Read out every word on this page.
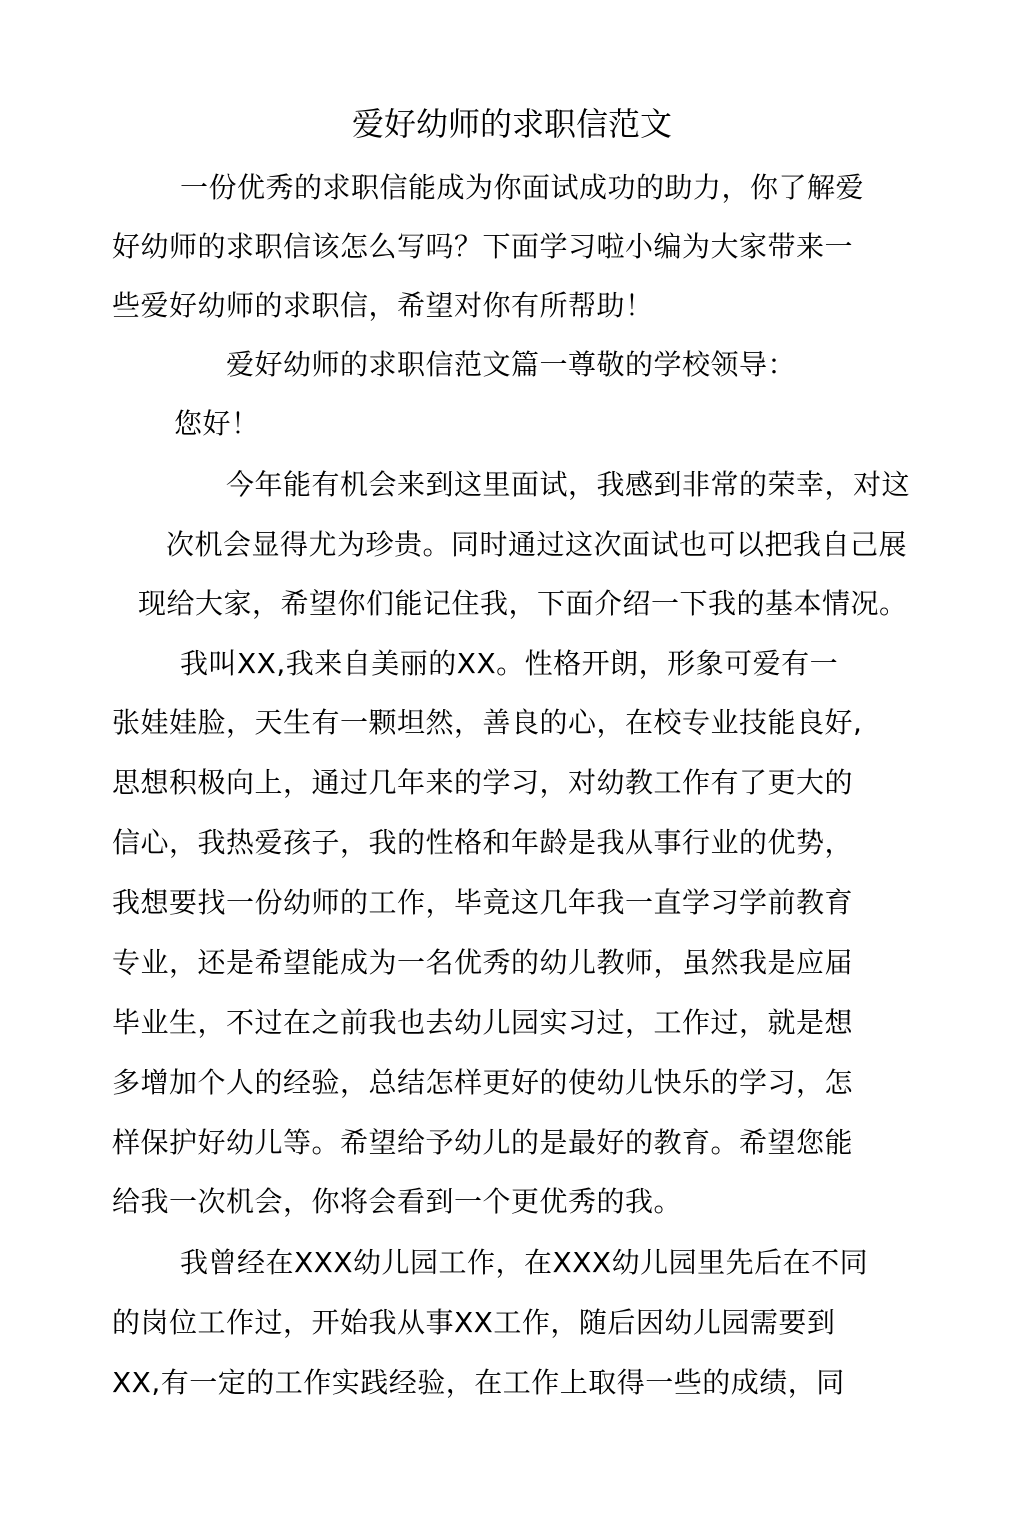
爱好幼师的求职信范文
一份优秀的求职信能成为你面试成功的助力，你了解爱
好幼师的求职信该怎么写吗？下面学习啦小编为大家带来一
些爱好幼师的求职信，希望对你有所帮助！
爱好幼师的求职信范文篇一尊敬的学校领导：
您好！
今年能有机会来到这里面试，我感到非常的荣幸，对这
次机会显得尤为珍贵。同时通过这次面试也可以把我自己展
现给大家，希望你们能记住我，下面介绍一下我的基本情况。
我叫XX,我来自美丽的XX。性格开朗，形象可爱有一
张娃娃脸，天生有一颗坦然，善良的心，在校专业技能良好,
思想积极向上，通过几年来的学习，对幼教工作有了更大的
信心，我热爱孩子，我的性格和年龄是我从事行业的优势，
我想要找一份幼师的工作，毕竟这几年我一直学习学前教育
专业，还是希望能成为一名优秀的幼儿教师，虽然我是应届
毕业生，不过在之前我也去幼儿园实习过，工作过，就是想
多增加个人的经验，总结怎样更好的使幼儿快乐的学习，怎
样保护好幼儿等。希望给予幼儿的是最好的教育。希望您能
给我一次机会，你将会看到一个更优秀的我。
我曾经在XXX幼儿园工作，在XXX幼儿园里先后在不同
的岗位工作过，开始我从事XX工作，随后因幼儿园需要到
XX,有一定的工作实践经验，在工作上取得一些的成绩，同
